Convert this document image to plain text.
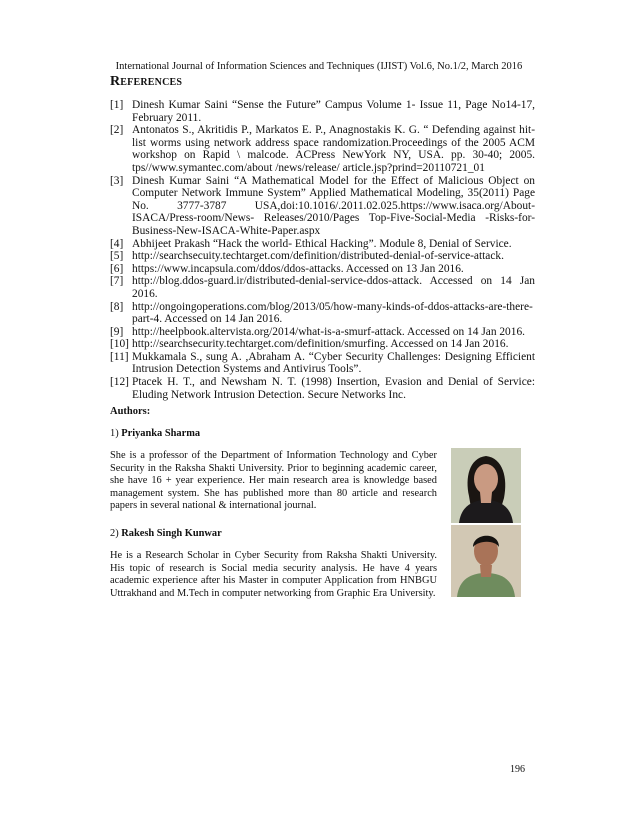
International Journal of Information Sciences and Techniques (IJIST) Vol.6, No.1/2, March 2016
References
[1] Dinesh Kumar Saini “Sense the Future” Campus Volume 1- Issue 11, Page No14-17, February 2011.
[2] Antonatos S., Akritidis P., Markatos E. P., Anagnostakis K. G. “ Defending against hit-list worms using network address space randomization.Proceedings of the 2005 ACM workshop on Rapid \ malcode. ACPress NewYork NY, USA. pp. 30-40; 2005. tps//www.symantec.com/about /news/release/ article.jsp?prind=20110721_01
[3] Dinesh Kumar Saini “A Mathematical Model for the Effect of Malicious Object on Computer Network Immune System” Applied Mathematical Modeling, 35(2011) Page No. 3777-3787 USA,doi:10.1016/.2011.02.025.https://www.isaca.org/About-ISACA/Press-room/News- Releases/2010/Pages Top-Five-Social-Media -Risks-for-Business-New-ISACA-White-Paper.aspx
[4] Abhijeet Prakash “Hack the world- Ethical Hacking”. Module 8, Denial of Service.
[5] http://searchsecuity.techtarget.com/definition/distributed-denial-of-service-attack.
[6] https://www.incapsula.com/ddos/ddos-attacks. Accessed on 13 Jan 2016.
[7] http://blog.ddos-guard.ir/distributed-denial-service-ddos-attack. Accessed on 14 Jan 2016.
[8] http://ongoingoperations.com/blog/2013/05/how-many-kinds-of-ddos-attacks-are-there-part-4. Accessed on 14 Jan 2016.
[9] http://heelpbook.altervista.org/2014/what-is-a-smurf-attack. Accessed on 14 Jan 2016.
[10] http://searchsecurity.techtarget.com/definition/smurfing. Accessed on 14 Jan 2016.
[11] Mukkamala S., sung A. ,Abraham A. “Cyber Security Challenges: Designing Efficient Intrusion Detection Systems and Antivirus Tools”.
[12] Ptacek H. T., and Newsham N. T. (1998) Insertion, Evasion and Denial of Service: Eluding Network Intrusion Detection. Secure Networks Inc.
Authors:
1) Priyanka Sharma
She is a professor of the Department of Information Technology and Cyber Security in the Raksha Shakti University. Prior to beginning academic career, she have 16 + year experience. Her main research area is knowledge based management system. She has published more than 80 article and research papers in several national & international journal.
2) Rakesh Singh Kunwar
He is a Research Scholar in Cyber Security from Raksha Shakti University. His topic of research is Social media security analysis. He have 4 years academic experience after his Master in computer Application from HNBGU Uttrakhand and M.Tech in computer networking from Graphic Era University.
196
